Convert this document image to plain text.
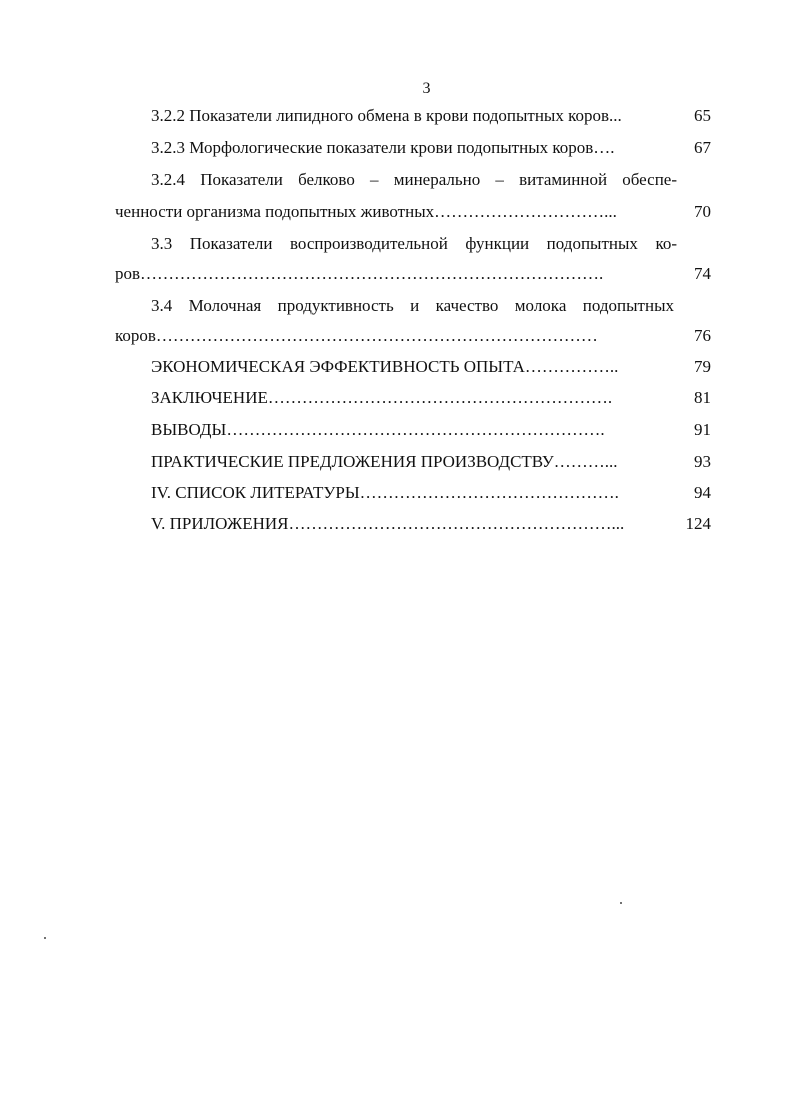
3
3.2.2 Показатели липидного обмена в крови подопытных коров...	65
3.2.3 Морфологические показатели крови подопытных коров….	67
3.2.4 Показатели белково – минерально – витаминной обеспе-
ченности организма подопытных животных…………………………...	70
3.3 Показатели воспроизводительной функции подопытных ко-
ров……………………………………………………………………….	74
3.4 Молочная продуктивность и качество молока подопытных
коров……………………………………………………………………	76
ЭКОНОМИЧЕСКАЯ ЭФФЕКТИВНОСТЬ ОПЫТА……………..	79
ЗАКЛЮЧЕНИЕ…………………………………………………….	81
ВЫВОДЫ………………………………………………………….	91
ПРАКТИЧЕСКИЕ ПРЕДЛОЖЕНИЯ ПРОИЗВОДСТВУ………...	93
IV. СПИСОК ЛИТЕРАТУРЫ……………………………………….	94
V. ПРИЛОЖЕНИЯ…………………………………………………...	124
